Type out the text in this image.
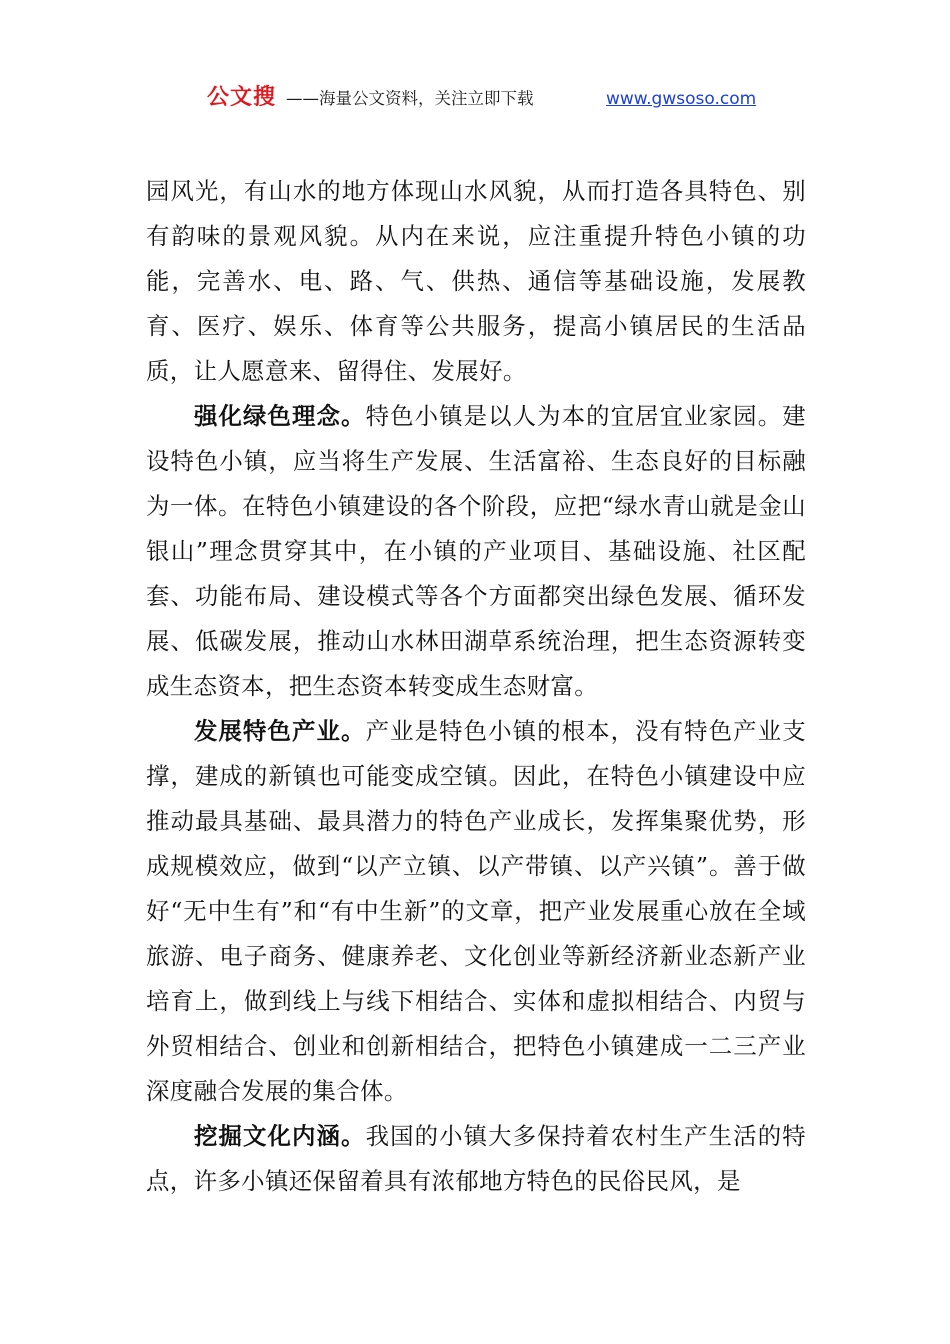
公文搜 ——海量公文资料，关注立即下载	www.gwsoso.com

园风光，有山水的地方体现山水风貌，从而打造各具特色、别有韵味的景观风貌。从内在来说，应注重提升特色小镇的功能，完善水、电、路、气、供热、通信等基础设施，发展教育、医疗、娱乐、体育等公共服务，提高小镇居民的生活品质，让人愿意来、留得住、发展好。

强化绿色理念。特色小镇是以人为本的宜居宜业家园。建设特色小镇，应当将生产发展、生活富裕、生态良好的目标融为一体。在特色小镇建设的各个阶段，应把“绿水青山就是金山银山”理念贯穿其中，在小镇的产业项目、基础设施、社区配套、功能布局、建设模式等各个方面都突出绿色发展、循环发展、低碳发展，推动山水林田湖草系统治理，把生态资源转变成生态资本，把生态资本转变成生态财富。

发展特色产业。产业是特色小镇的根本，没有特色产业支撑，建成的新镇也可能变成空镇。因此，在特色小镇建设中应推动最具基础、最具潜力的特色产业成长，发挥集聚优势，形成规模效应，做到“以产立镇、以产带镇、以产兴镇”。善于做好“无中生有”和“有中生新”的文章，把产业发展重心放在全域旅游、电子商务、健康养老、文化创业等新经济新业态新产业培育上，做到线上与线下相结合、实体和虚拟相结合、内贸与外贸相结合、创业和创新相结合，把特色小镇建成一二三产业深度融合发展的集合体。

挖掘文化内涵。我国的小镇大多保持着农村生产生活的特点，许多小镇还保留着具有浓郁地方特色的民俗民风，是
